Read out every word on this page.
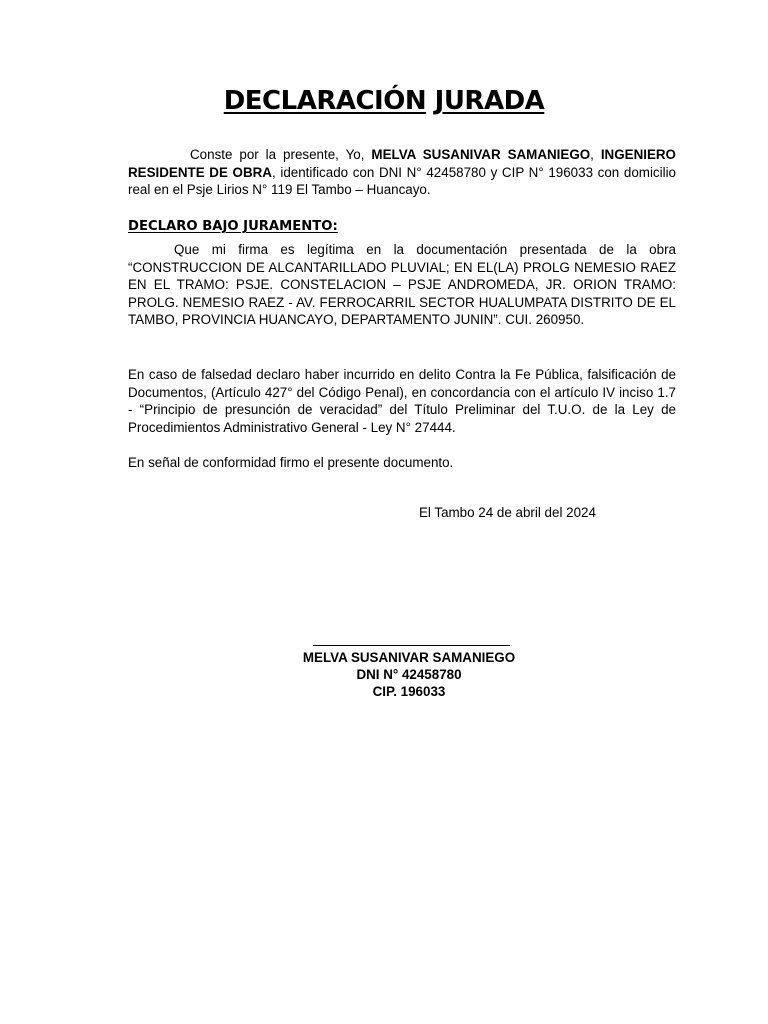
DECLARACIÓN JURADA
Conste por la presente, Yo, MELVA SUSANIVAR SAMANIEGO, INGENIERO RESIDENTE DE OBRA, identificado con DNI N° 42458780 y CIP N° 196033 con domicilio real en el Psje Lirios N° 119 El Tambo – Huancayo.
DECLARO BAJO JURAMENTO:
Que mi firma es legítima en la documentación presentada de la obra “CONSTRUCCION DE ALCANTARILLADO PLUVIAL; EN EL(LA) PROLG NEMESIO RAEZ EN EL TRAMO: PSJE. CONSTELACION – PSJE ANDROMEDA, JR. ORION TRAMO: PROLG. NEMESIO RAEZ - AV. FERROCARRIL SECTOR HUALUMPATA DISTRITO DE EL TAMBO, PROVINCIA HUANCAYO, DEPARTAMENTO JUNIN”. CUI. 260950.
En caso de falsedad declaro haber incurrido en delito Contra la Fe Pública, falsificación de Documentos, (Artículo 427° del Código Penal), en concordancia con el artículo IV inciso 1.7 - “Principio de presunción de veracidad” del Título Preliminar del T.U.O. de la Ley de Procedimientos Administrativo General - Ley N° 27444.
En señal de conformidad firmo el presente documento.
El Tambo 24 de abril del 2024
MELVA SUSANIVAR SAMANIEGO
DNI N° 42458780
CIP. 196033
